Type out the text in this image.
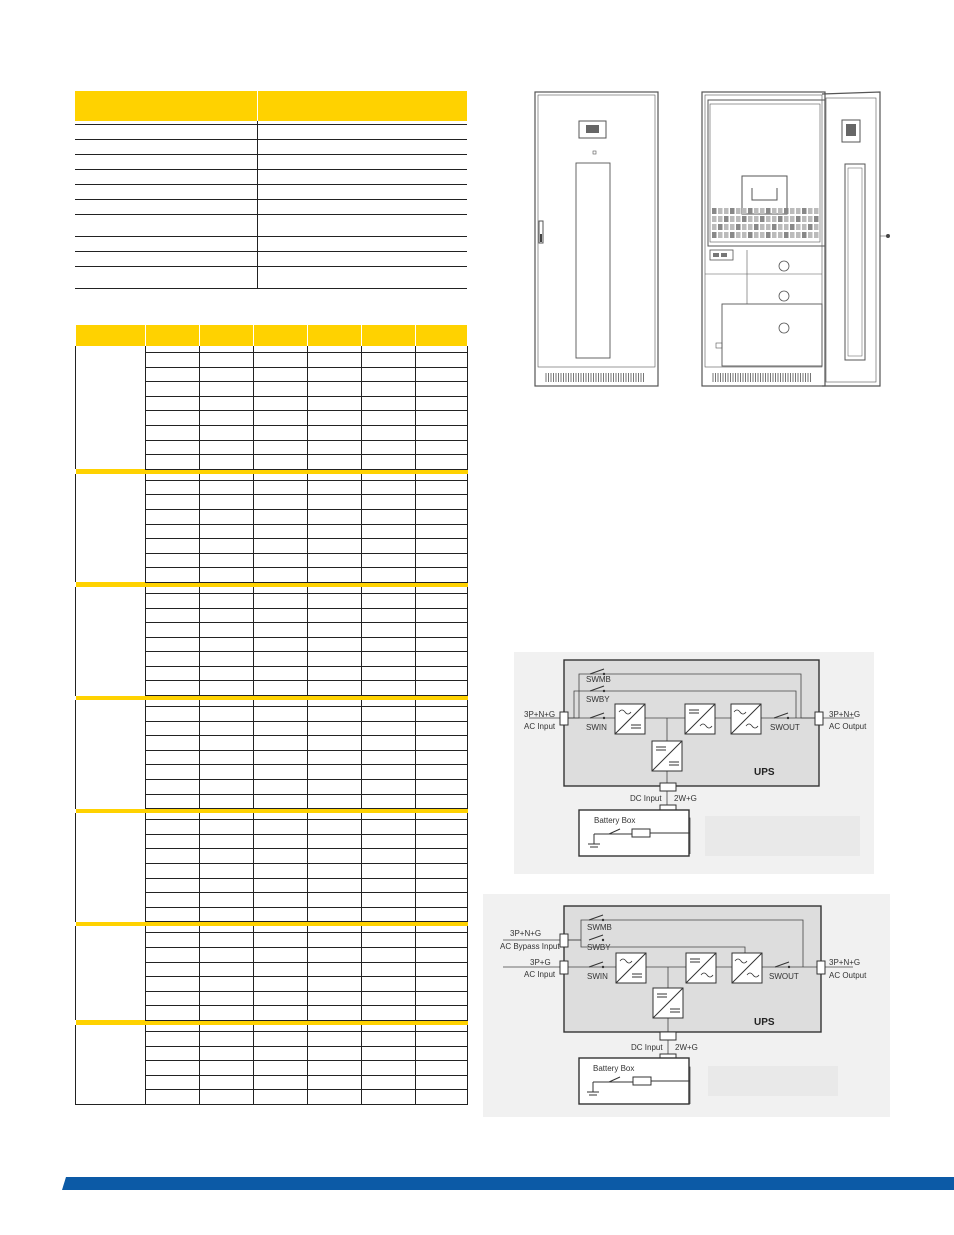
SWMB
SWBY
SWIN	SWOUT
UPS
3P+N+G
AC Input
3P+N+G
AC Output
DC Input 2W+G
Battery Box
SWMB
SWBY
SWIN	SWOUT
UPS
3P+N+G
AC Bypass Input
3P+G
AC Input
3P+N+G
AC Output
DC Input 2W+G
Battery Box
